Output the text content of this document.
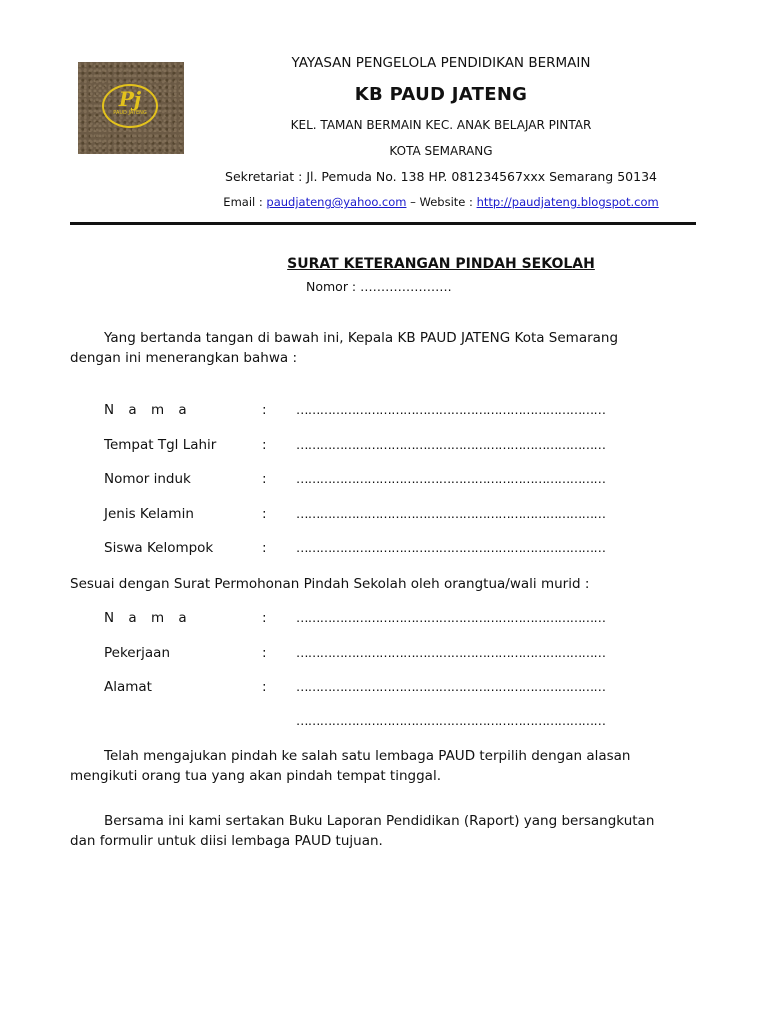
Pj
PAUD JATENG
YAYASAN PENGELOLA PENDIDIKAN BERMAIN
KB PAUD JATENG
KEL. TAMAN BERMAIN KEC. ANAK BELAJAR PINTAR
KOTA SEMARANG
Sekretariat : Jl. Pemuda No. 138 HP. 081234567xxx Semarang 50134
Email : paudjateng@yahoo.com – Website : http://paudjateng.blogspot.com
SURAT KETERANGAN PINDAH SEKOLAH
Nomor : ………………….
Yang bertanda tangan di bawah ini, Kepala KB PAUD JATENG Kota Semarang
dengan ini menerangkan bahwa :
N a m a	: ……………………………………………………………………
Tempat Tgl Lahir	: ……………………………………………………………………
Nomor induk	: ……………………………………………………………………
Jenis Kelamin	: ……………………………………………………………………
Siswa Kelompok	: ……………………………………………………………………
Sesuai dengan Surat Permohonan Pindah Sekolah oleh orangtua/wali murid :
N a m a	: ……………………………………………………………………
Pekerjaan	: ……………………………………………………………………
Alamat	: ……………………………………………………………………
……………………………………………………………………
Telah mengajukan pindah ke salah satu lembaga PAUD terpilih dengan alasan
mengikuti orang tua yang akan pindah tempat tinggal.
Bersama ini kami sertakan Buku Laporan Pendidikan (Raport) yang bersangkutan
dan formulir untuk diisi lembaga PAUD tujuan.
